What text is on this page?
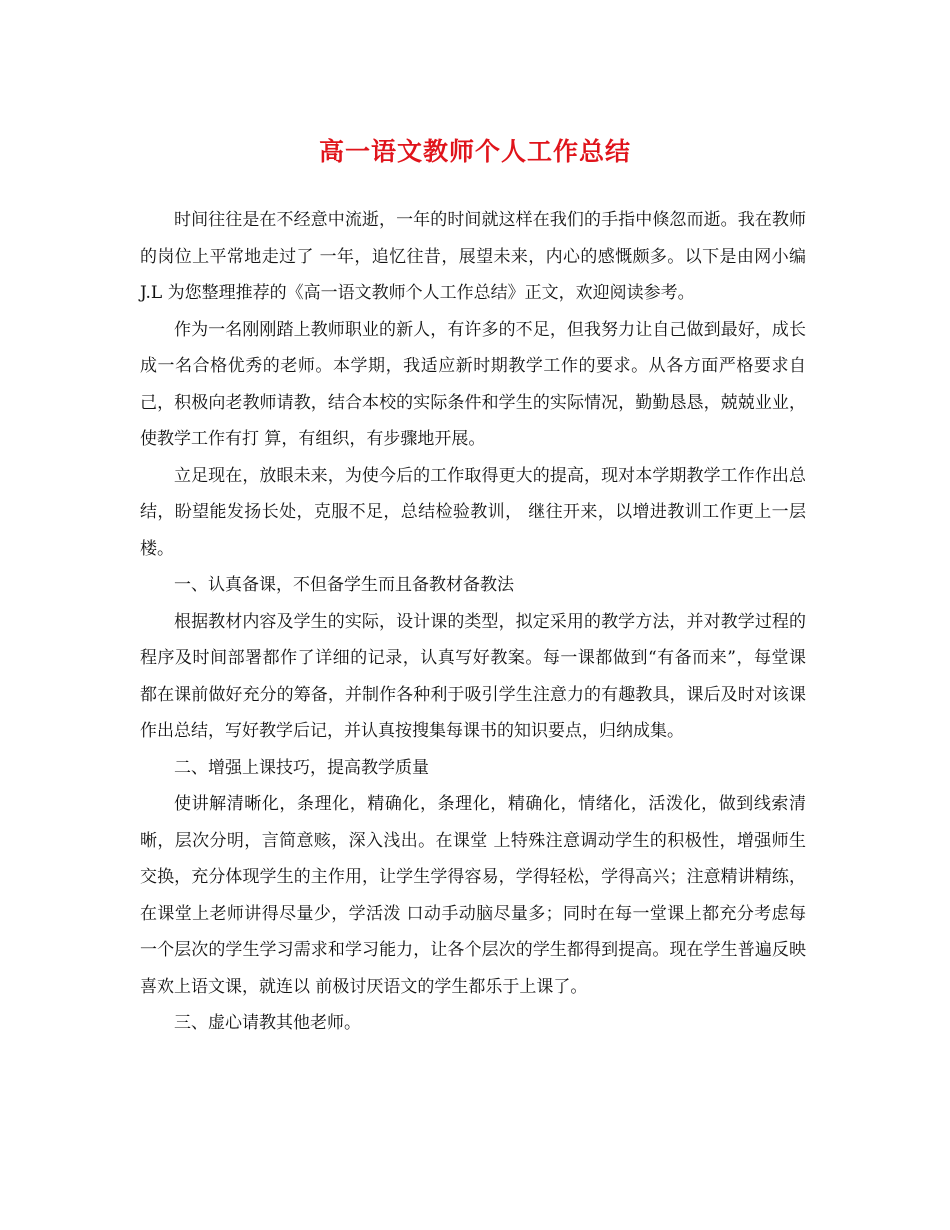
高一语文教师个人工作总结

时间往往是在不经意中流逝，一年的时间就这样在我们的手指中倏忽而逝。我在教师的岗位上平常地走过了 一年，追忆往昔，展望未来，内心的感慨颇多。以下是由网小编 J.L 为您整理推荐的《高一语文教师个人工作总结》正文，欢迎阅读参考。

作为一名刚刚踏上教师职业的新人，有许多的不足，但我努力让自己做到最好，成长成一名合格优秀的老师。本学期，我适应新时期教学工作的要求。从各方面严格要求自己，积极向老教师请教，结合本校的实际条件和学生的实际情况，勤勤恳恳，兢兢业业，使教学工作有打 算，有组织，有步骤地开展。

立足现在，放眼未来，为使今后的工作取得更大的提高，现对本学期教学工作作出总结，盼望能发扬长处，克服不足，总结检验教训， 继往开来，以增进教训工作更上一层楼。

一、认真备课，不但备学生而且备教材备教法

根据教材内容及学生的实际，设计课的类型，拟定采用的教学方法，并对教学过程的程序及时间部署都作了详细的记录，认真写好教案。每一课都做到“有备而来”，每堂课 都在课前做好充分的筹备，并制作各种利于吸引学生注意力的有趣教具，课后及时对该课作出总结，写好教学后记，并认真按搜集每课书的知识要点，归纳成集。

二、增强上课技巧，提高教学质量

使讲解清晰化，条理化，精确化，条理化，精确化，情绪化，活泼化，做到线索清晰，层次分明，言简意赅，深入浅出。在课堂 上特殊注意调动学生的积极性，增强师生交换，充分体现学生的主作用，让学生学得容易，学得轻松，学得高兴；注意精讲精练，在课堂上老师讲得尽量少，学活泼 口动手动脑尽量多；同时在每一堂课上都充分考虑每一个层次的学生学习需求和学习能力，让各个层次的学生都得到提高。现在学生普遍反映喜欢上语文课，就连以 前极讨厌语文的学生都乐于上课了。

三、虚心请教其他老师。
